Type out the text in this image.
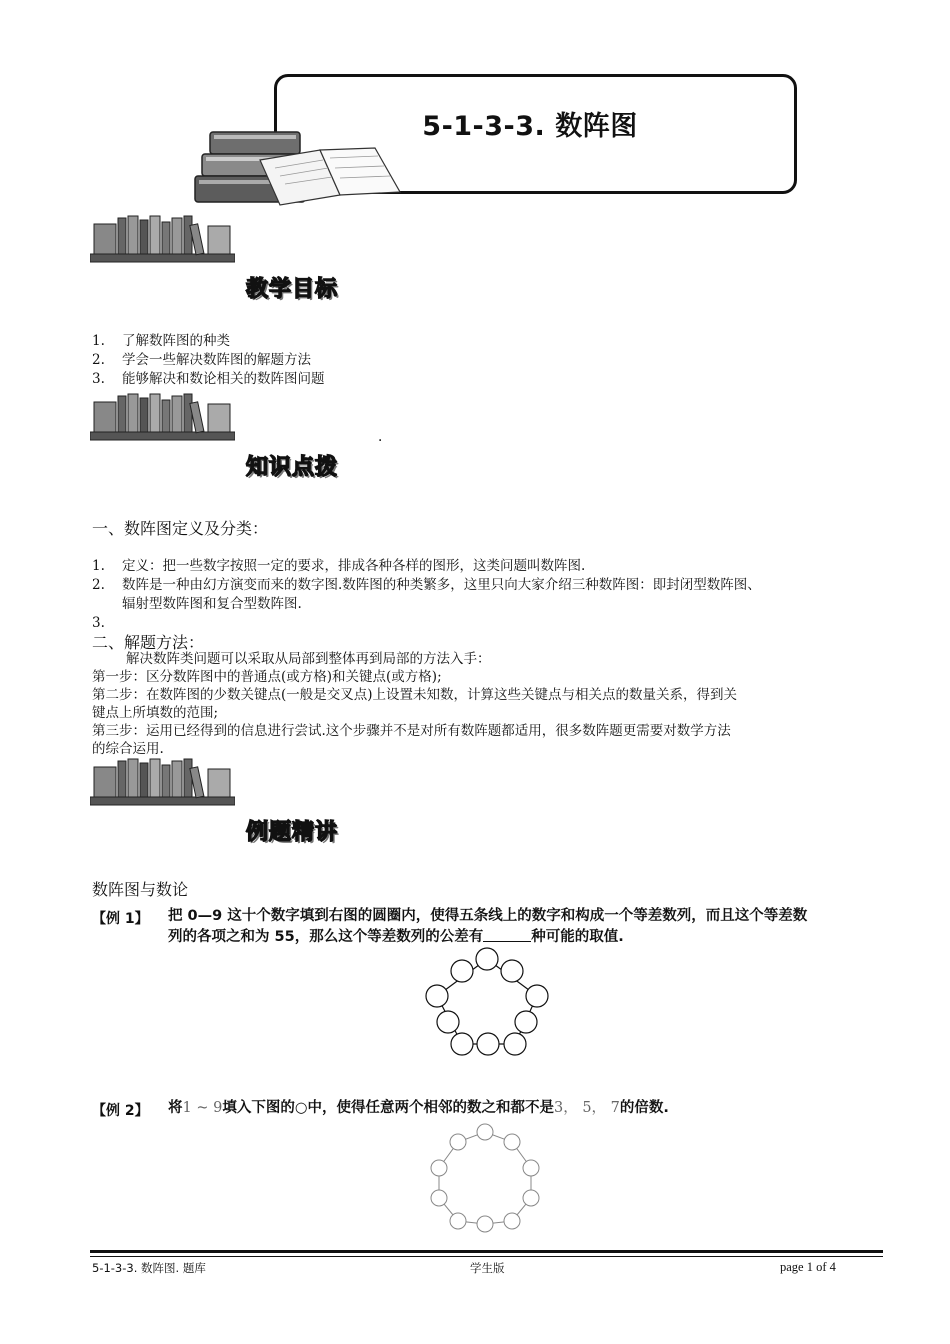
5-1-3-3. 数阵图
教学目标
1. 了解数阵图的种类
2. 学会一些解决数阵图的解题方法
3. 能够解决和数论相关的数阵图问题
.
知识点拨
一、数阵图定义及分类：
1. 定义：把一些数字按照一定的要求，排成各种各样的图形，这类问题叫数阵图.
2. 数阵是一种由幻方演变而来的数字图.数阵图的种类繁多，这里只向大家介绍三种数阵图：即封闭型数阵图、
辐射型数阵图和复合型数阵图.
3.
二、解题方法：
解决数阵类问题可以采取从局部到整体再到局部的方法入手：
第一步：区分数阵图中的普通点(或方格)和关键点(或方格);
第二步：在数阵图的少数关键点(一般是交叉点)上设置未知数，计算这些关键点与相关点的数量关系，得到关
键点上所填数的范围;
第三步：运用已经得到的信息进行尝试.这个步骤并不是对所有数阵题都适用，很多数阵题更需要对数学方法
的综合运用.
例题精讲
数阵图与数论
【例 1】 把 0—9 这十个数字填到右图的圆圈内，使得五条线上的数字和构成一个等差数列，而且这个等差数
列的各项之和为 55，那么这个等差数列的公差有	种可能的取值.
【例 2】 将1 ~ 9填入下图的○中，使得任意两个相邻的数之和都不是3， 5， 7的倍数.
5-1-3-3. 数阵图. 题库	学生版	page 1 of 4
